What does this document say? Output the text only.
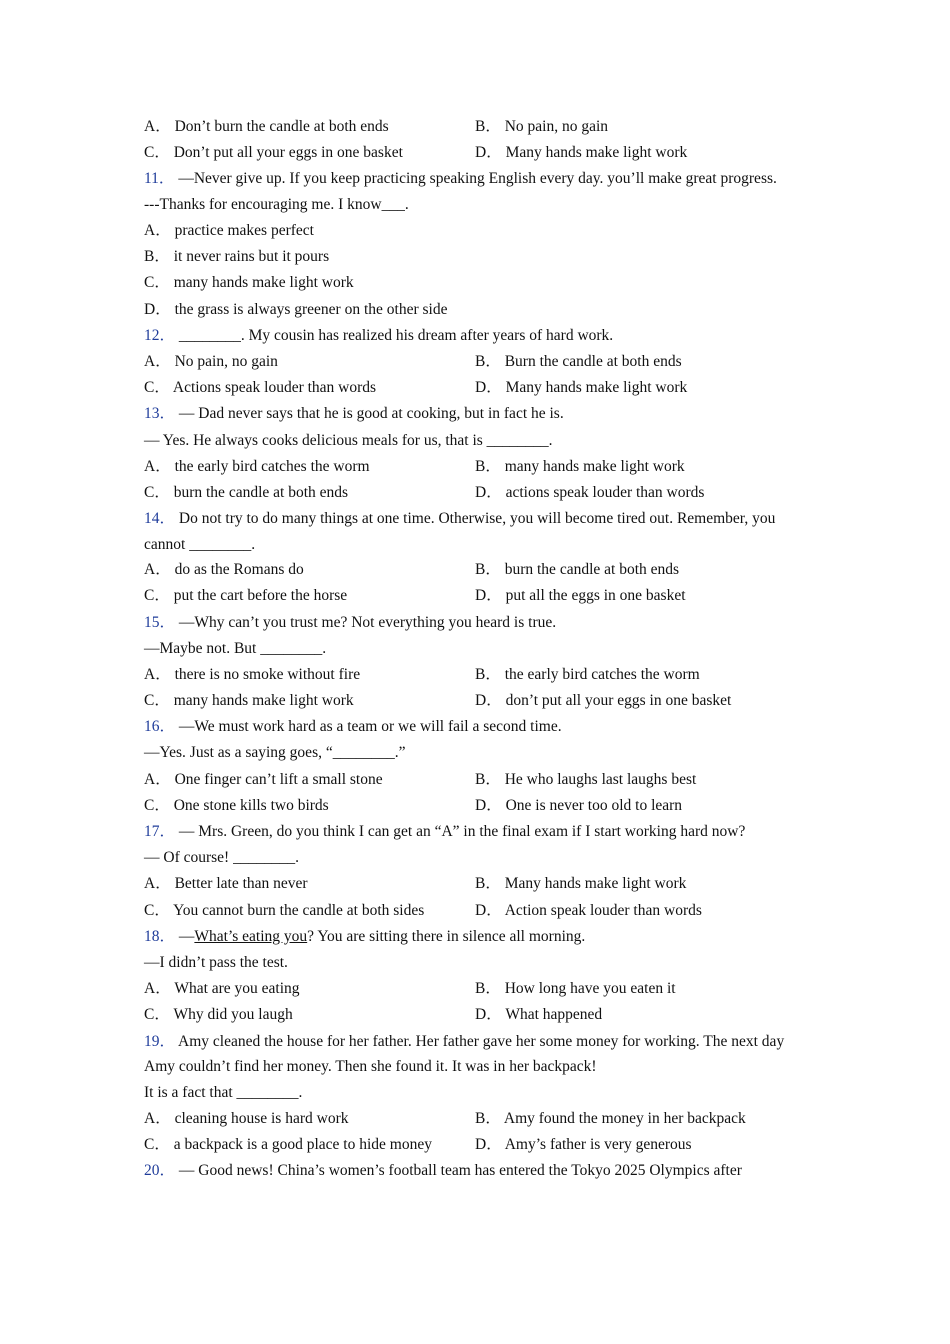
A． Don’t burn the candle at both ends	B． No pain, no gain
C． Don’t put all your eggs in one basket	D． Many hands make light work
11． —Never give up. If you keep practicing speaking English every day. you’ll make great progress.
---Thanks for encouraging me. I know___.
A． practice makes perfect
B． it never rains but it pours
C． many hands make light work
D． the grass is always greener on the other side
12． ________. My cousin has realized his dream after years of hard work.
A． No pain, no gain	B． Burn the candle at both ends
C． Actions speak louder than words	D． Many hands make light work
13． — Dad never says that he is good at cooking, but in fact he is.
— Yes. He always cooks delicious meals for us, that is ________.
A． the early bird catches the worm	B． many hands make light work
C． burn the candle at both ends	D． actions speak louder than words
14． Do not try to do many things at one time. Otherwise, you will become tired out. Remember, you cannot ________.
A． do as the Romans do	B． burn the candle at both ends
C． put the cart before the horse	D． put all the eggs in one basket
15． —Why can’t you trust me? Not everything you heard is true.
—Maybe not. But ________.
A． there is no smoke without fire	B． the early bird catches the worm
C． many hands make light work	D． don’t put all your eggs in one basket
16． —We must work hard as a team or we will fail a second time.
—Yes. Just as a saying goes, “________.”
A． One finger can’t lift a small stone	B． He who laughs last laughs best
C． One stone kills two birds	D． One is never too old to learn
17． — Mrs. Green, do you think I can get an “A” in the final exam if I start working hard now?
— Of course! ________.
A． Better late than never	B． Many hands make light work
C． You cannot burn the candle at both sides	D． Action speak louder than words
18． —What’s eating you? You are sitting there in silence all morning.
—I didn’t pass the test.
A． What are you eating	B． How long have you eaten it
C． Why did you laugh	D． What happened
19． Amy cleaned the house for her father. Her father gave her some money for working. The next day Amy couldn’t find her money. Then she found it. It was in her backpack!
It is a fact that ________.
A． cleaning house is hard work	B． Amy found the money in her backpack
C． a backpack is a good place to hide money	D． Amy’s father is very generous
20． — Good news! China’s women’s football team has entered the Tokyo 2025 Olympics after
